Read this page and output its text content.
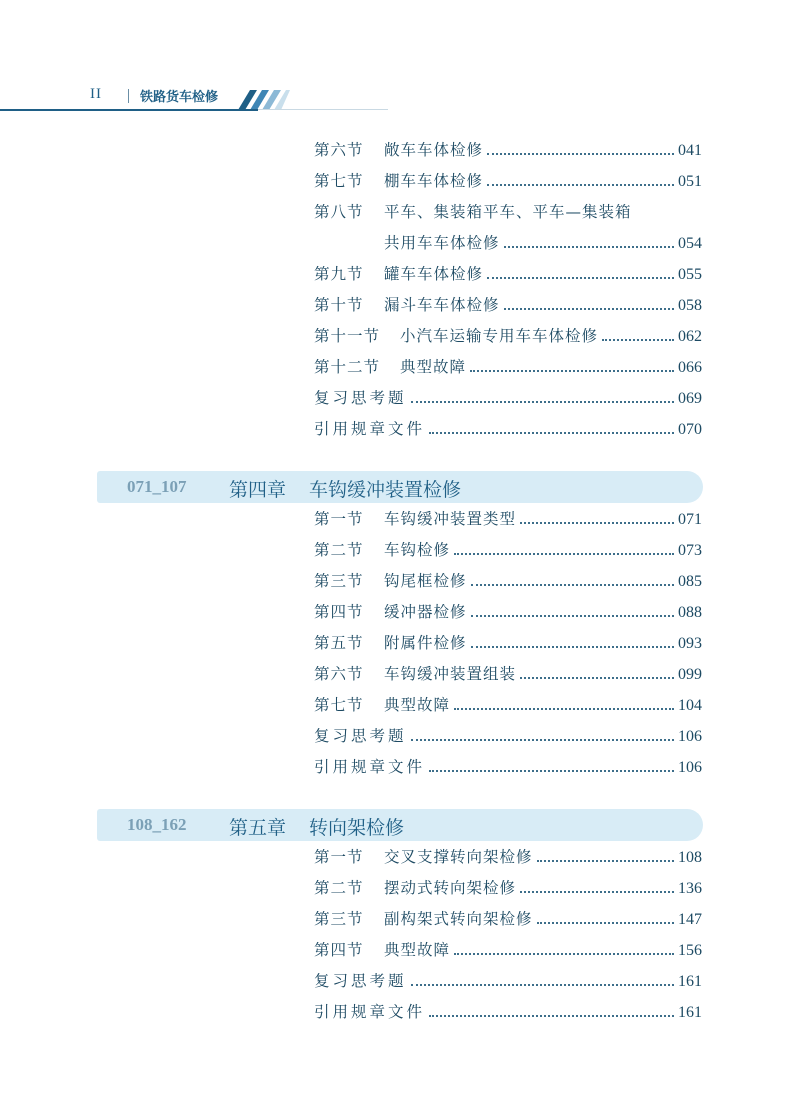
II	铁路货车检修
第六节	敞车车体检修	041
第七节	棚车车体检修	051
第八节	平车、集装箱平车、平车—集装箱
共用车车体检修	054
第九节	罐车车体检修	055
第十节	漏斗车车体检修	058
第十一节	小汽车运输专用车车体检修	062
第十二节	典型故障	066
复习思考题	069
引用规章文件	070
071_107 第四章 车钩缓冲装置检修
第一节	车钩缓冲装置类型	071
第二节	车钩检修	073
第三节	钩尾框检修	085
第四节	缓冲器检修	088
第五节	附属件检修	093
第六节	车钩缓冲装置组装	099
第七节	典型故障	104
复习思考题	106
引用规章文件	106
108_162 第五章 转向架检修
第一节	交叉支撑转向架检修	108
第二节	摆动式转向架检修	136
第三节	副构架式转向架检修	147
第四节	典型故障	156
复习思考题	161
引用规章文件	161
